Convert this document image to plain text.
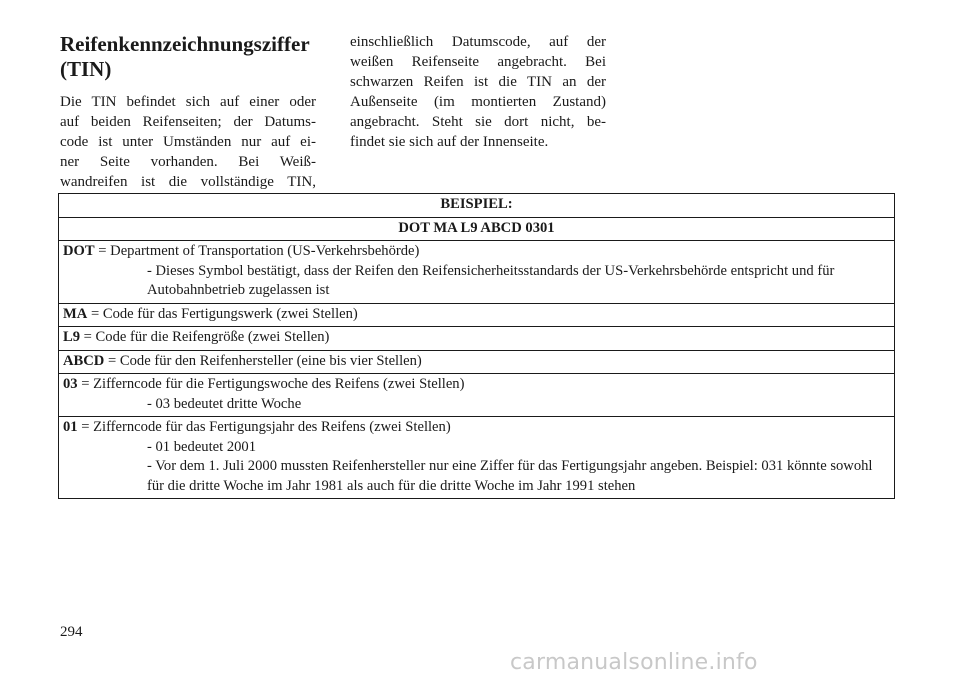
Reifenkennzeichnungsziffer (TIN)
Die TIN befindet sich auf einer oder
auf beiden Reifenseiten; der Datums-
code ist unter Umständen nur auf ei-
ner Seite vorhanden. Bei Weiß-
wandreifen ist die vollständige TIN,
einschließlich Datumscode, auf der
weißen Reifenseite angebracht. Bei
schwarzen Reifen ist die TIN an der
Außenseite (im montierten Zustand)
angebracht. Steht sie dort nicht, be-
findet sie sich auf der Innenseite.
BEISPIEL:
DOT MA L9 ABCD 0301

DOT = Department of Transportation (US-Verkehrsbehörde)
- Dieses Symbol bestätigt, dass der Reifen den Reifensicherheitsstandards der US-Verkehrsbehörde entspricht und für Autobahnbetrieb zugelassen ist

MA = Code für das Fertigungswerk (zwei Stellen)

L9 = Code für die Reifengröße (zwei Stellen)

ABCD = Code für den Reifenhersteller (eine bis vier Stellen)

03 = Zifferncode für die Fertigungswoche des Reifens (zwei Stellen)
- 03 bedeutet dritte Woche

01 = Zifferncode für das Fertigungsjahr des Reifens (zwei Stellen)
- 01 bedeutet 2001
- Vor dem 1. Juli 2000 mussten Reifenhersteller nur eine Ziffer für das Fertigungsjahr angeben. Beispiel: 031 könnte sowohl für die dritte Woche im Jahr 1981 als auch für die dritte Woche im Jahr 1991 stehen
294
carmanualsonline.info
